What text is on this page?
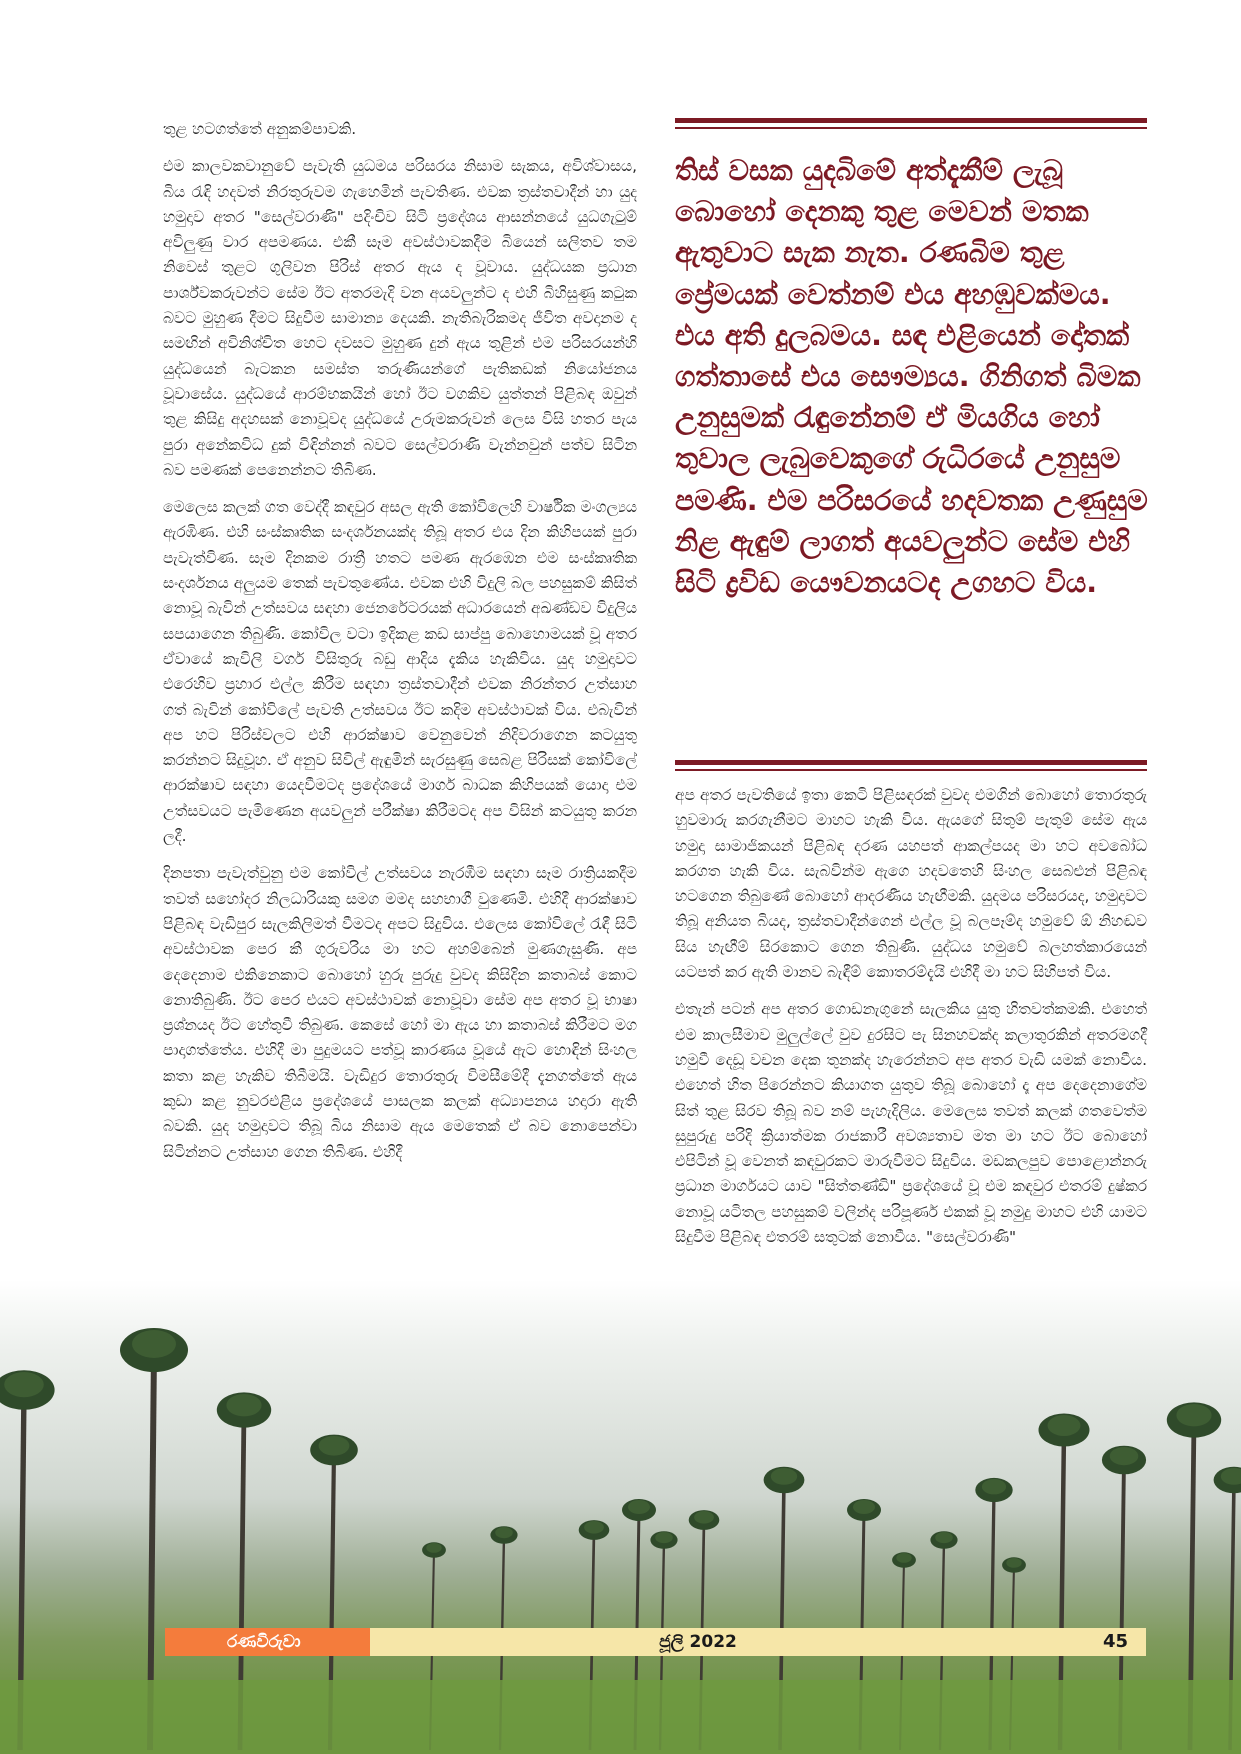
තුළ හටගත්තේ අනුකම්පාවකි.

එම කාලවකවානුවේ පැවැති යුධමය පරිසරය නිසාම සැකය, අවිශ්වාසය, බිය රැඳි හදවත් නිරතුරුවම ගැහෙමින් පැවතිණ. එවක ත්‍රස්තවාදීන් හා යුද හමුදාව අතර "සෙල්වරාණි" පදිංචිව සිටි ප්‍රදේශය ආසන්නයේ යුධගැටුම් අවිලුණු වාර අපමණය. එකී සෑම අවස්ථාවකදීම බියෙන් සලිතව තම නිවෙස් තුළට ගුලිවන පිරිස් අතර ඇය ද වූවාය. යුද්ධයක ප්‍රධාන පාර්ශ්වකරුවන්ට සේම ඊට අතරමැදි වන අයවලුන්ට ද එහි බිහිසුණු කටුක බවට මුහුණ දීමට සිදුවීම සාමාන්‍ය දෙයකි. නැතිබැරිකමද ජීවිත අවදානම ද සමඟින් අවිනිශ්චිත හෙට දවසට මුහුණ දුන් ඇය තුළින් එම පරිසරයන්හි යුද්ධයෙන් බැටකන සමස්ත තරුණියන්ගේ පැතිකඩක් නියෝජනය වූවාසේය. යුද්ධයේ ආරම්භකයින් හෝ ඊට වගකිව යුත්තන් පිළිබඳ ඔවුන් තුළ කිසිදු අදහසක් නොවූවද යුද්ධයේ උරුමකරුවන් ලෙස විසි හතර පැය පුරා අනේකවිධ දුක් විඳින්නන් බවට සෙල්වරාණි වැන්නවුන් පත්ව සිටින බව පමණක් පෙනෙන්නට තිබිණ.

මෙලෙස කලක් ගත වෙද්දී කඳවුර අසල ඇති කෝවිලෙහි වාර්ෂික මංගල්‍යය ඇරඹිණ. එහි සංස්කෘතික සංදර්ශනයක්ද තිබූ අතර එය දින කිහිපයක් පුරා පැවැත්විණ. සෑම දිනකම රාත්‍රී හතට පමණ ඇරඹෙන එම සංස්කෘතික සංදර්ශනය අලුයම තෙක් පැවතුණේය. එවක එහි විදුලි බල පහසුකම් කිසිත් නොවූ බැවින් උත්සවය සඳහා ජෙනරේටරයක් අධාරයෙන් අඛණ්ඩව විදුලිය සපයාගෙන තිබුණි. කෝවිල වටා ඉදිකළ කඩ සාප්පු බොහොමයක් වූ අතර ඒවායේ කැවිලි වර්ග විසිතුරු බඩු ආදිය දැකිය හැකිවිය. යුද හමුදාවට එරෙහිව ප්‍රහාර එල්ල කිරීම සඳහා ත්‍රස්තවාදීන් එවක නිරන්තර උත්සාහ ගත් බැවින් කෝවිලේ පැවති උත්සවය ඊට කදිම අවස්ථාවක් විය. එබැවින් අප හට පිරිස්වලට එහි ආරක්ෂාව වෙනුවෙන් නිදිවරාගෙන කටයුතු කරන්නට සිදුවූහ. ඒ අනුව සිවිල් ඇඳුමින් සැරසුණු සෙබළ පිරිසක් කෝවිලේ ආරක්ෂාව සඳහා යෙදවීමටද ප්‍රදේශයේ මාර්ග බාධක කිහිපයක් යොදා එම උත්සවයට පැමිණෙන අයවලුන් පරීක්ෂා කිරීමටද අප විසින් කටයුතු කරන ලදී.

දිනපතා පැවැත්වුනු එම කෝවිල් උත්සවය නැරඹීම සඳහා සෑම රාත්‍රියකදීම තවත් සහෝදර නිලධාරියකු සමග මමද සහභාගී වුණෙමි. එහිදී ආරක්ෂාව පිළිබඳ වැඩිපුර සැලකිලිමත් වීමටද අපට සිදුවිය. එලෙස කෝවිලේ රැඳී සිටි අවස්ථාවක පෙර කී ගුරුවරිය මා හට අහම්බෙන් මුණගැසුණි. අප දෙදෙනාම එකිනෙකාට බොහෝ හුරු පුරුදු වුවද කිසිදින කතාබස් කොට නොතිබුණි. ඊට පෙර එයට අවස්ථාවක් නොවූවා සේම අප අතර වූ භාෂා ප්‍රශ්නයද ඊට හේතුවී තිබුණ. කෙසේ හෝ මා ඇය හා කතාබස් කිරීමට මග පාදාගත්තේය. එහිදී මා පුදුමයට පත්වූ කාරණය වූයේ ඇට හොඳින් සිංහල කතා කළ හැකිව තිබීමයි. වැඩිදුර තොරතුරු විමසීමේදී දැනගත්තේ ඇය කුඩා කළ නුවරඑළිය ප්‍රදේශයේ පාසලක කලක් අධ්‍යාපනය හදාරා ඇති බවකි. යුද හමුදාවට තිබූ බිය නිසාම ඇය මෙතෙක් ඒ බව නොපෙන්වා සිටින්නට උත්සාහ ගෙන තිබිණ. එහිදී

තිස් වසක යුදබිමේ අත්දැකීම් ලැබූ බොහෝ දෙනකු තුළ මෙවන් මතක ඇතුවාට සැක නැත. රණබිම තුළ ප්‍රේමයක් වෙත්නම් එය අහඹුවක්මය. එය අති දුලබමය. සඳ එළියෙන් දෝතක් ගත්තාසේ එය සෞම්‍යය. ගිනිගත් බිමක උනුසුමක් රැඳුනේනම් ඒ මියගිය හෝ තුවාල ලැබුවෙකුගේ රුධිරයේ උනුසුම පමණි. එම පරිසරයේ හදවතක උණුසුම නිළ ඇඳුම් ලාගත් අයවලුන්ට සේම එහි සිටි ද්‍රවිඩ යෞවනයටද උගහට විය.

අප අතර පැවතියේ ඉතා කෙටි පිළිසඳරක් වුවද එමගින් බොහෝ තොරතුරු හුවමාරු කරගැනීමට මාහට හැකි විය. ඇයගේ සිතුම් පැතුම් සේම ඇය හමුදා සාමාජිකයන් පිළිබඳ දරණ යහපත් ආකල්පයද මා හට අවබෝධ කරගත හැකි විය. සැබවින්ම ඇගෙ හදවතෙහි සිංහල සෙබළුන් පිළිබඳ හටගෙන තිබුණේ බොහෝ ආදරණීය හැඟීමකි. යුදමය පරිසරයද, හමුදාවට තිබූ අනියත බියද, ත්‍රස්තවාදීන්ගෙන් එල්ල වූ බලපෑම්ද හමුවේ ඕ නිහඬව සිය හැඟීම් සිරකොට ගෙන තිබුණි. යුද්ධය හමුවේ බලහත්කාරයෙන් යටපත් කර ඇති මානව බැඳීම් කොතරම්දැයි එහිදී මා හට සිහිපත් විය.

එතැන් පටන් අප අතර ගොඩනැගුනේ සැලකිය යුතු හිතවත්කමකි. එහෙත් එම කාලසීමාව මුලුල්ලේ වුව දුරසිට පැ සිනහවක්ද කලාතුරකින් අතරමගදී හමුවී දෙඩූ වචන දෙක තුනක්ද හැරෙන්නට අප අතර වැඩි යමක් නොවීය. එහෙත් හිත පිරෙන්නට කියාගත යුතුව තිබූ බොහෝ දෑ අප දෙදෙනාගේම සිත් තුළ සිරව තිබූ බව නම් පැහැදිලිය. මෙලෙස තවත් කලක් ගතවෙත්ම සුපුරුදු පරිදි ක්‍රියාත්මක රාජකාරී අවශ්‍යතාව මත මා හට ඊට බොහෝ එපිටින් වූ වෙනත් කඳවුරකට මාරුවීමට සිදුවිය. මඩකලපුව පොළොන්නරු ප්‍රධාන මාර්ගයට යාව "සිත්තණ්ඩි" ප්‍රදේශයේ වූ එම කඳවුර එතරම් දුෂ්කර නොවූ යටිතල පහසුකම් වලින්ද පරිපූර්ණ එකක් වූ නමුදු මාහට එහි යාමට සිදුවීම පිළිබඳ එතරම් සතුටක් නොවීය. "සෙල්වරාණි"

රණවිරුවා	ජූලි 2022	45
